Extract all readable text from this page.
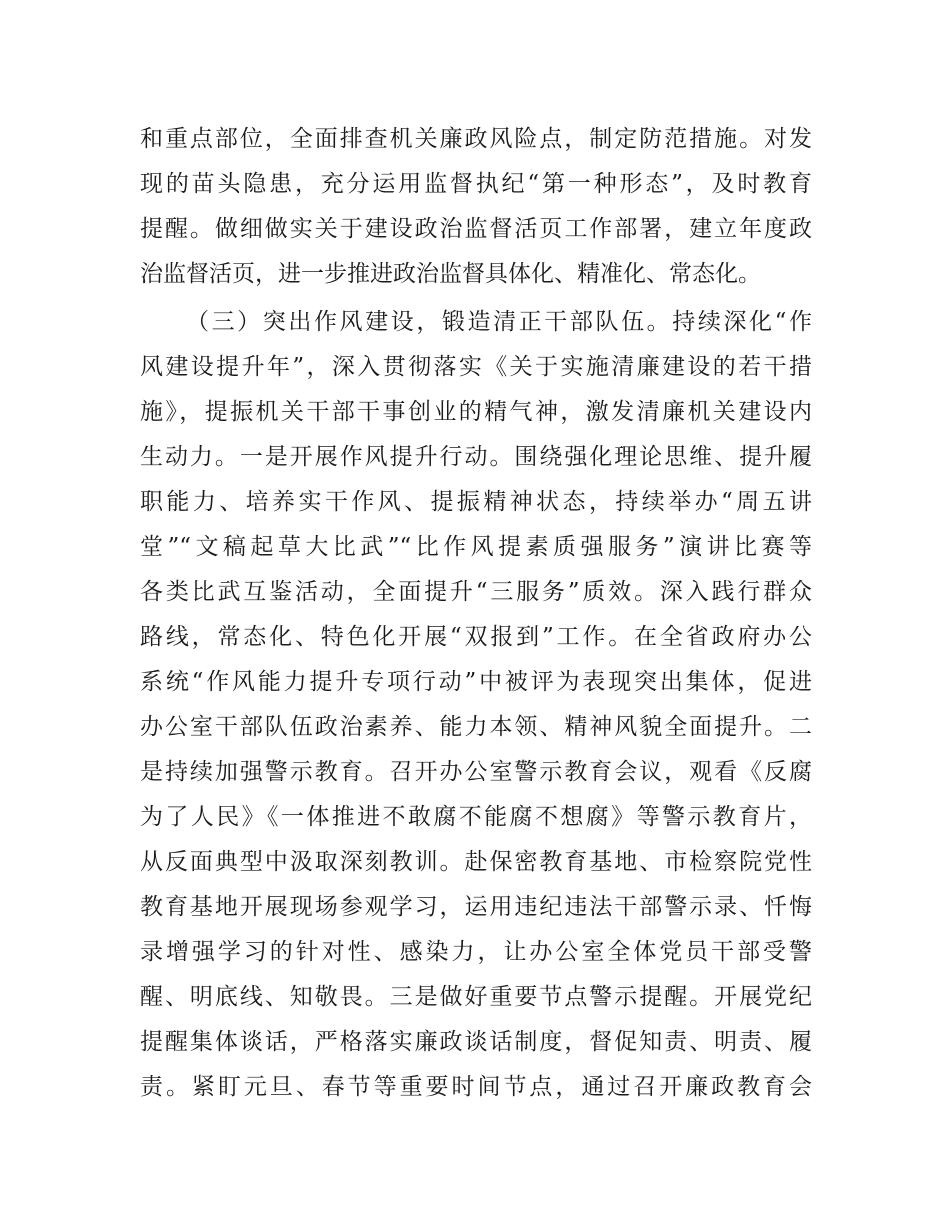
和重点部位，全面排查机关廉政风险点，制定防范措施。对发
现的苗头隐患，充分运用监督执纪“第一种形态”，及时教育
提醒。做细做实关于建设政治监督活页工作部署，建立年度政
治监督活页，进一步推进政治监督具体化、精准化、常态化。
（三）突出作风建设，锻造清正干部队伍。持续深化“作
风建设提升年”，深入贯彻落实《关于实施清廉建设的若干措
施》，提振机关干部干事创业的精气神，激发清廉机关建设内
生动力。一是开展作风提升行动。围绕强化理论思维、提升履
职能力、培养实干作风、提振精神状态，持续举办“周五讲
堂”“文稿起草大比武”“比作风提素质强服务”演讲比赛等
各类比武互鉴活动，全面提升“三服务”质效。深入践行群众
路线，常态化、特色化开展“双报到”工作。在全省政府办公
系统“作风能力提升专项行动”中被评为表现突出集体，促进
办公室干部队伍政治素养、能力本领、精神风貌全面提升。二
是持续加强警示教育。召开办公室警示教育会议，观看《反腐
为了人民》《一体推进不敢腐不能腐不想腐》等警示教育片，
从反面典型中汲取深刻教训。赴保密教育基地、市检察院党性
教育基地开展现场参观学习，运用违纪违法干部警示录、忏悔
录增强学习的针对性、感染力，让办公室全体党员干部受警
醒、明底线、知敬畏。三是做好重要节点警示提醒。开展党纪
提醒集体谈话，严格落实廉政谈话制度，督促知责、明责、履
责。紧盯元旦、春节等重要时间节点，通过召开廉政教育会
